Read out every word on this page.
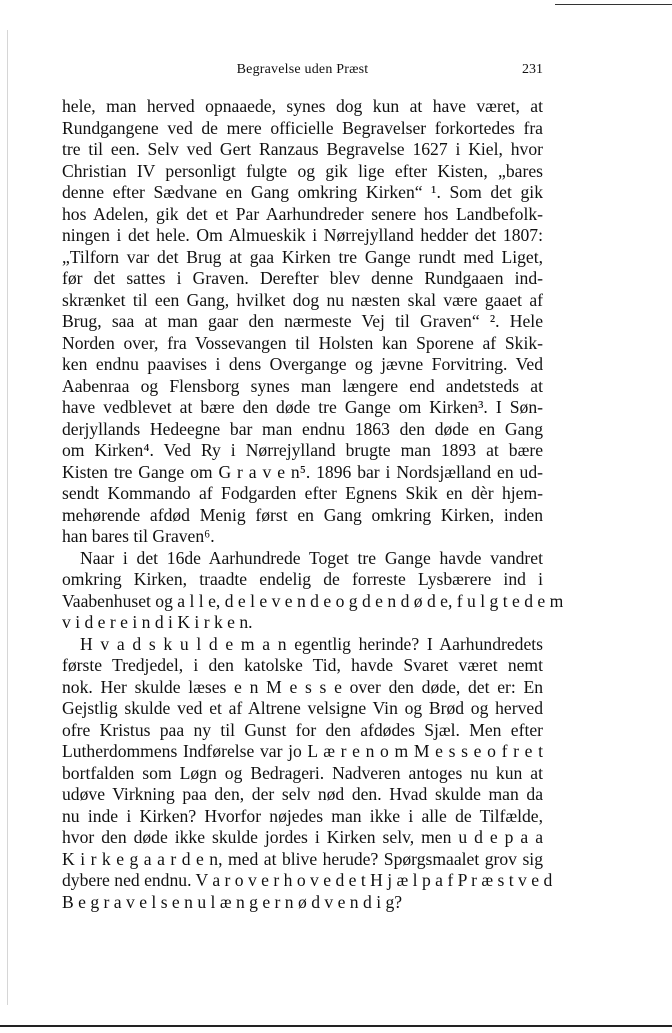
Begravelse uden Præst	231
hele, man herved opnaaede, synes dog kun at have været, at
Rundgangene ved de mere officielle Begravelser forkortedes fra
tre til een. Selv ved Gert Ranzaus Begravelse 1627 i Kiel, hvor
Christian IV personligt fulgte og gik lige efter Kisten, „bares
denne efter Sædvane en Gang omkring Kirken“ ¹. Som det gik
hos Adelen, gik det et Par Aarhundreder senere hos Landbefolk-
ningen i det hele. Om Almueskik i Nørrejylland hedder det 1807:
„Tilforn var det Brug at gaa Kirken tre Gange rundt med Liget,
før det sattes i Graven. Derefter blev denne Rundgaaen ind-
skrænket til een Gang, hvilket dog nu næsten skal være gaaet af
Brug, saa at man gaar den nærmeste Vej til Graven“ ². Hele
Norden over, fra Vossevangen til Holsten kan Sporene af Skik-
ken endnu paavises i dens Overgange og jævne Forvitring. Ved
Aabenraa og Flensborg synes man længere end andetsteds at
have vedblevet at bære den døde tre Gange om Kirken³. I Søn-
derjyllands Hedeegne bar man endnu 1863 den døde en Gang
om Kirken⁴. Ved Ry i Nørrejylland brugte man 1893 at bære
Kisten tre Gange om G r a v e n⁵. 1896 bar i Nordsjælland en ud-
sendt Kommando af Fodgarden efter Egnens Skik en dèr hjem-
mehørende afdød Menig først en Gang omkring Kirken, inden
han bares til Graven⁶.
Naar i det 16de Aarhundrede Toget tre Gange havde vandret
omkring Kirken, traadte endelig de forreste Lysbærere ind i
Vaabenhuset og a l l e, d e l e v e n d e o g d e n d ø d e, f u l g t e d e m
v i d e r e i n d i K i r k e n.
H v a d s k u l d e m a n egentlig herinde? I Aarhundredets
første Tredjedel, i den katolske Tid, havde Svaret været nemt
nok. Her skulde læses e n M e s s e over den døde, det er: En
Gejstlig skulde ved et af Altrene velsigne Vin og Brød og herved
ofre Kristus paa ny til Gunst for den afdødes Sjæl. Men efter
Lutherdommens Indførelse var jo L æ r e n o m M e s s e o f r e t
bortfalden som Løgn og Bedrageri. Nadveren antoges nu kun at
udøve Virkning paa den, der selv nød den. Hvad skulde man da
nu inde i Kirken? Hvorfor nøjedes man ikke i alle de Tilfælde,
hvor den døde ikke skulde jordes i Kirken selv, men u d e p a a
K i r k e g a a r d e n, med at blive herude? Spørgsmaalet grov sig
dybere ned endnu. V a r o v e r h o v e d e t H j æ l p a f P r æ s t v e d
B e g r a v e l s e n u l æ n g e r n ø d v e n d i g?
